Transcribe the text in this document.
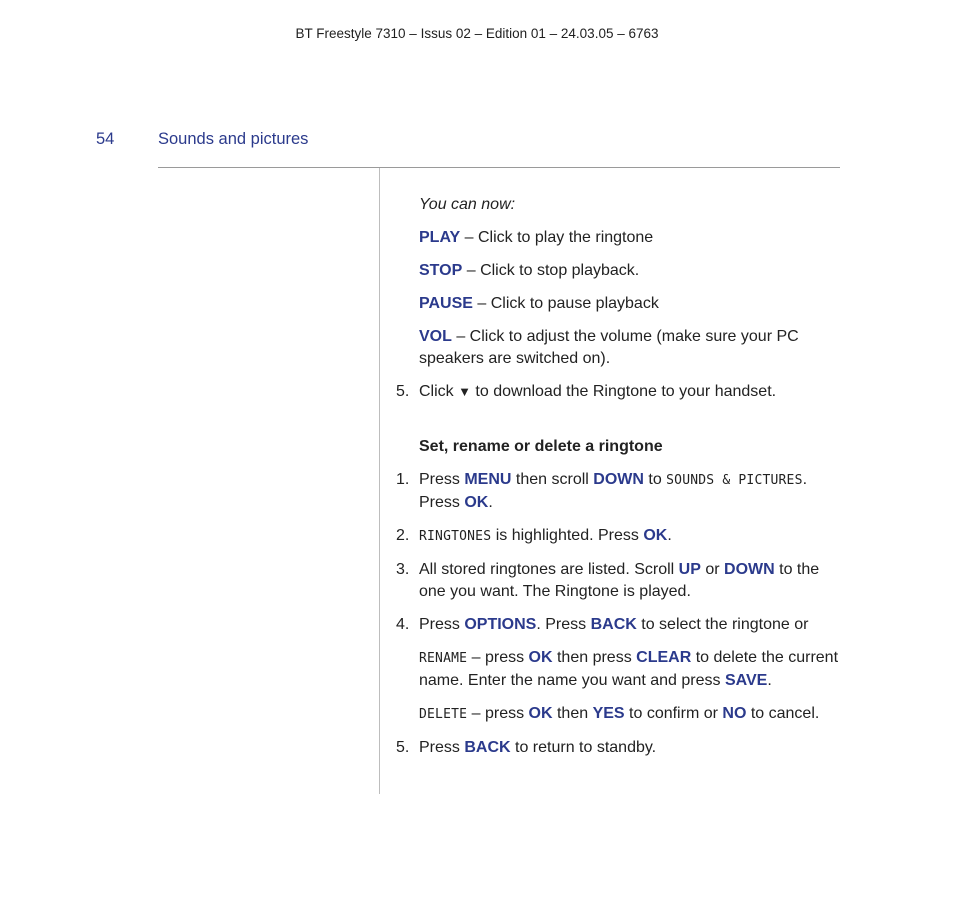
BT Freestyle 7310 – Issus 02 – Edition 01 – 24.03.05 – 6763
54	Sounds and pictures
You can now:
PLAY – Click to play the ringtone
STOP – Click to stop playback.
PAUSE – Click to pause playback
VOL – Click to adjust the volume (make sure your PC speakers are switched on).
5. Click ▼ to download the Ringtone to your handset.
Set, rename or delete a ringtone
1. Press MENU then scroll DOWN to SOUNDS & PICTURES. Press OK.
2. RINGTONES is highlighted. Press OK.
3. All stored ringtones are listed. Scroll UP or DOWN to the one you want. The Ringtone is played.
4. Press OPTIONS. Press BACK to select the ringtone or
RENAME – press OK then press CLEAR to delete the current name. Enter the name you want and press SAVE.
DELETE – press OK then YES to confirm or NO to cancel.
5. Press BACK to return to standby.
